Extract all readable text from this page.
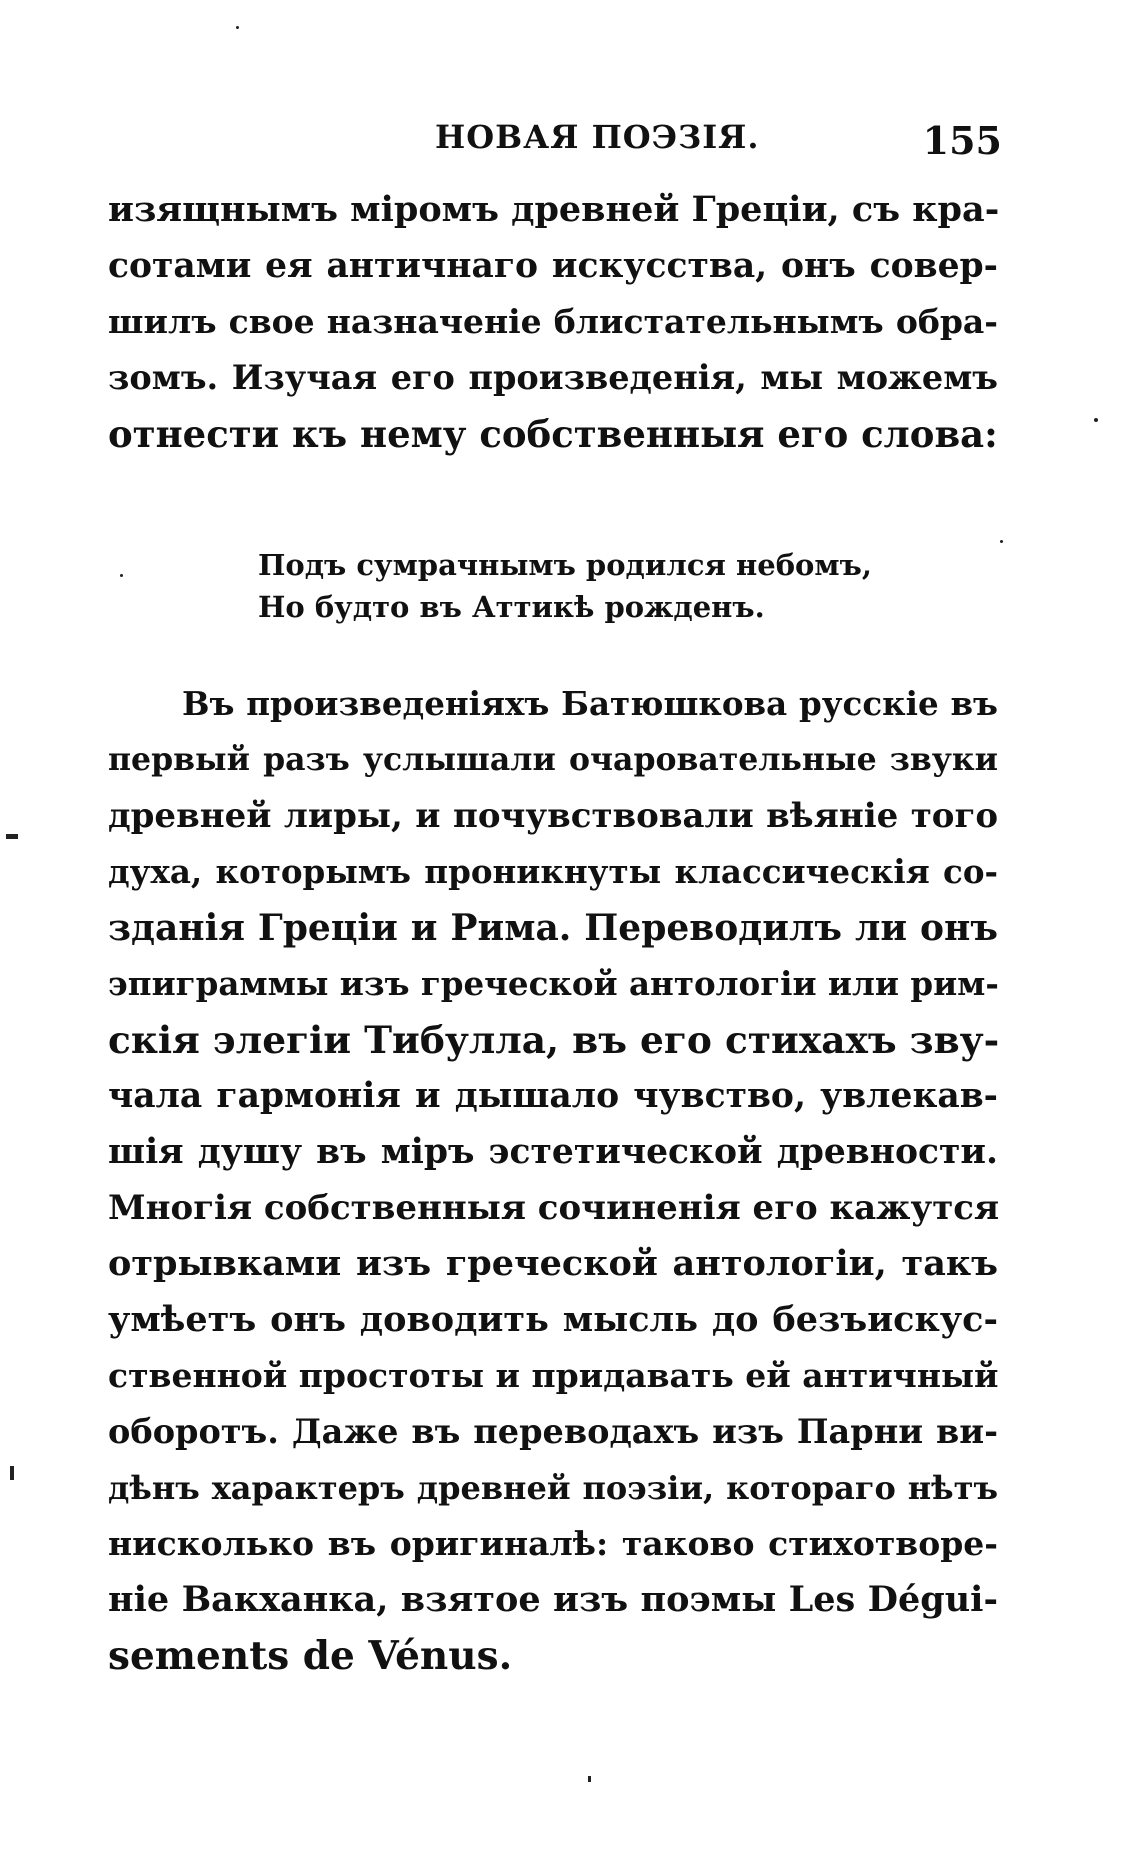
НОВАЯ ПОЭЗІЯ.	155
изящнымъ міромъ древней Греціи, съ кра-
сотами ея античнаго искусства, онъ совер-
шилъ свое назначеніе блистательнымъ обра-
зомъ. Изучая его произведенія, мы можемъ
отнести къ нему собственныя его слова:
Подъ сумрачнымъ родился небомъ,
Но будто въ Аттикѣ рожденъ.
Въ произведеніяхъ Батюшкова русскіе въ
первый разъ услышали очаровательные звуки
древней лиры, и почувствовали вѣяніе того
духа, которымъ проникнуты классическія со-
зданія Греціи и Рима. Переводилъ ли онъ
эпиграммы изъ греческой антологіи или рим-
скія элегіи Тибулла, въ его стихахъ зву-
чала гармонія и дышало чувство, увлекав-
шія душу въ міръ эстетической древности.
Многія собственныя сочиненія его кажутся
отрывками изъ греческой антологіи, такъ
умѣетъ онъ доводить мысль до безъискус-
ственной простоты и придавать ей античный
оборотъ. Даже въ переводахъ изъ Парни ви-
дѣнъ характеръ древней поэзіи, котораго нѣтъ
нисколько въ оригиналѣ: таково стихотворе-
ніе Вакханка, взятое изъ поэмы Les Dégui-
sements de Vénus.
